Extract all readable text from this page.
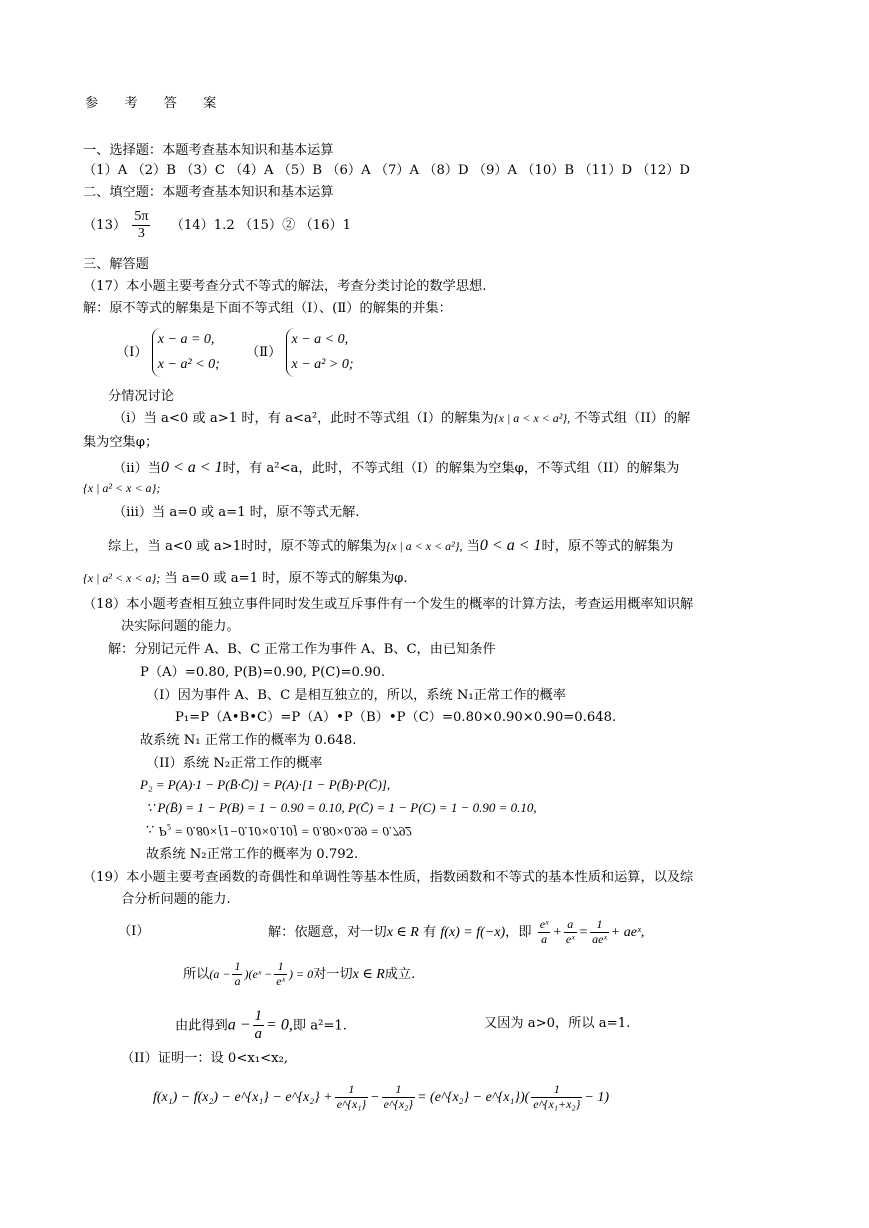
参 考 答 案
一、选择题：本题考查基本知识和基本运算
（1）A （2）B （3）C （4）A （5）B （6）A （7）A （8）D （9）A （10）B （11）D （12）D
二、填空题：本题考查基本知识和基本运算
$(13) \frac{5\pi}{3} (14)1.2$ （15）② （16）1
三、解答题
（17）本小题主要考查分式不等式的解法，考查分类讨论的数学思想.
解：原不等式的解集是下面不等式组（Ⅰ）、(Ⅱ）的解集的并集：
（Ⅰ）
x − a = 0,
x − a² < 0;
（Ⅱ）
x − a < 0,
x − a² > 0;
分情况讨论
（i）当 a<0 或 a>1 时，有 a<a²，此时不等式组（I）的解集为{x | a < x < a²}, 不等式组（II）的解
集为空集φ；
（ii）当0 < a < 1时，有 a²<a，此时，不等式组（I）的解集为空集φ，不等式组（II）的解集为
{x | a² < x < a};
（iii）当 a=0 或 a=1 时，原不等式无解.
综上，当 a<0 或 a>1时时，原不等式的解集为{x | a < x < a²}, 当0 < a < 1时，原不等式的解集为
{x | a² < x < a}; 当 a=0 或 a=1 时，原不等式的解集为φ.
（18）本小题考查相互独立事件同时发生或互斥事件有一个发生的概率的计算方法，考查运用概率知识解
决实际问题的能力。
解：分别记元件 A、B、C 正常工作为事件 A、B、C，由已知条件
P（A）=0.80, P(B)=0.90, P(C)=0.90.
（I）因为事件 A、B、C 是相互独立的，所以，系统 N₁正常工作的概率
P₁=P（A•B•C）=P（A）•P（B）•P（C）=0.80×0.90×0.90=0.648.
故系统 N₁ 正常工作的概率为 0.648.
（II）系统 N₂正常工作的概率
P₂ = P(A)·1 − P(B̄·C̄)] = P(A)·[1 − P(B̄)·P(C̄)],
∵ P(B̄) = 1 − P(B) = 1 − 0.90 = 0.10, P(C̄) = 1 − P(C) = 1 − 0.90 = 0.10,
∵ P₂ = 0.80×[1−0.10×0.10] = 0.80×0.99 = 0.792
故系统 N₂正常工作的概率为 0.792.
（19）本小题主要考查函数的奇偶性和单调性等基本性质，指数函数和不等式的基本性质和运算，以及综
合分析问题的能力.
（I）	解：依题意，对一切x ∈ R 有 f(x) = f(−x)，即 $\frac{\text{eˣ}}{a} + \frac{a}{\text{eˣ}} = \frac{1}{\text{aeˣ}}$ + aeˣ,
所以($a - \frac{1}{a}$ )(eˣ − $\frac{1}{\text{eˣ}}$ ) = 0对一切x ∈ R成立.
由此得到$a - \frac{1}{a} = 0$,即 a²=1.	又因为 a>0，所以 a=1.
（II）证明一：设 0<x₁<x₂,
f(x₁) − f(x₂) − e^{x₁} − e^{x₂} + $\frac{1}{\text{e\textasciicircum{}\{x₁\}}} - \frac{1}{\text{e\textasciicircum{}\{x₂\}}}$ = (e^{x₂} − e^{x₁})( $\frac{1}{\text{e\textasciicircum{}\{x₁+x₂\}}} - 1$)
